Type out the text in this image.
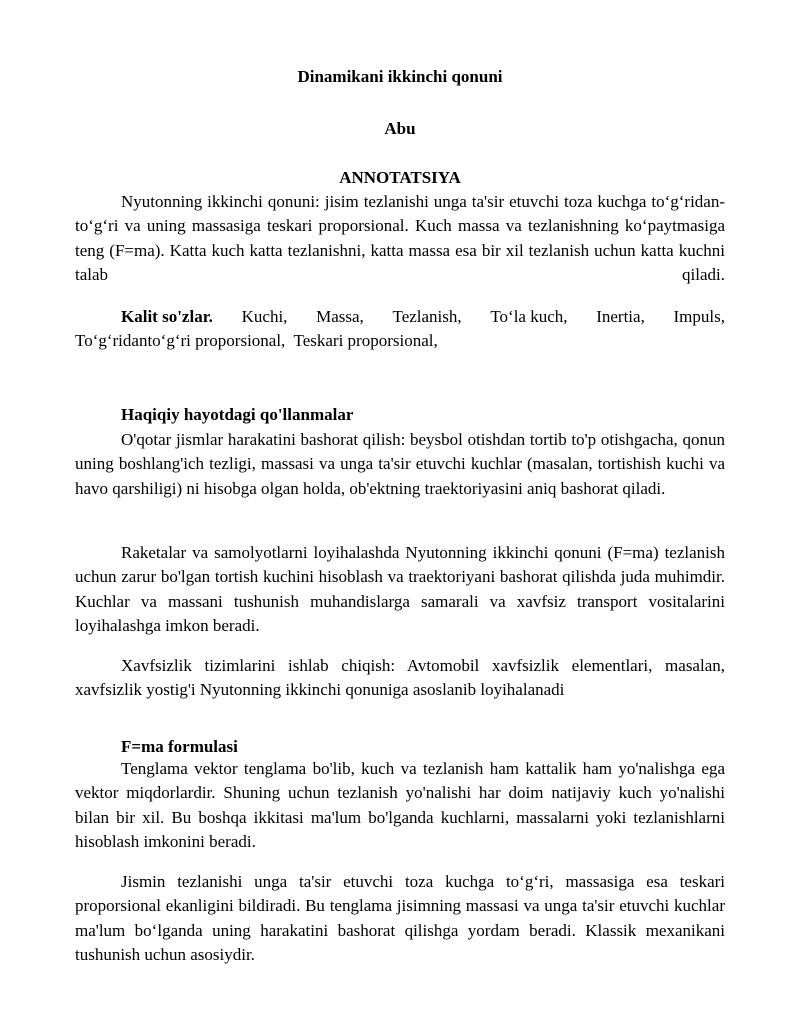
Dinamikani ikkinchi qonuni
Abu
ANNOTATSIYA

Nyutonning ikkinchi qonuni: jisim tezlanishi unga ta'sir etuvchi toza kuchga to‘g‘ridan-to‘g‘ri va uning massasiga teskari proporsional. Kuch massa va tezlanishning ko‘paytmasiga teng (F=ma). Katta kuch katta tezlanishni, katta massa esa bir xil tezlanish uchun katta kuchni talab qiladi.

Kalit so'zlar. Kuchi, Massa, Tezlanish, To‘la kuch, Inertia, Impuls,
To‘g‘ridanto‘g‘ri proporsional,  Teskari proporsional,
Haqiqiy hayotdagi qo'llanmalar

O'qotar jismlar harakatini bashorat qilish: beysbol otishdan tortib to'p otishgacha, qonun uning boshlang'ich tezligi, massasi va unga ta'sir etuvchi kuchlar (masalan, tortishish kuchi va havo qarshiligi) ni hisobga olgan holda, ob'ektning traektoriyasini aniq bashorat qiladi.

Raketalar va samolyotlarni loyihalashda Nyutonning ikkinchi qonuni (F=ma) tezlanish uchun zarur bo'lgan tortish kuchini hisoblash va traektoriyani bashorat qilishda juda muhimdir. Kuchlar va massani tushunish muhandislarga samarali va xavfsiz transport vositalarini loyihalashga imkon beradi.

Xavfsizlik tizimlarini ishlab chiqish: Avtomobil xavfsizlik elementlari, masalan, xavfsizlik yostig'i Nyutonning ikkinchi qonuniga asoslanib loyihalanadi

F=ma formulasi

Tenglama vektor tenglama bo'lib, kuch va tezlanish ham kattalik ham yo'nalishga ega vektor miqdorlardir. Shuning uchun tezlanish yo'nalishi har doim natijaviy kuch yo'nalishi bilan bir xil. Bu boshqa ikkitasi ma'lum bo'lganda kuchlarni, massalarni yoki tezlanishlarni hisoblash imkonini beradi.

Jismin tezlanishi unga ta'sir etuvchi toza kuchga to‘g‘ri, massasiga esa teskari proporsional ekanligini bildiradi. Bu tenglama jisimning massasi va unga ta'sir etuvchi kuchlar ma'lum bo‘lganda uning harakatini bashorat qilishga yordam beradi. Klassik mexanikani tushunish uchun asosiydir.
